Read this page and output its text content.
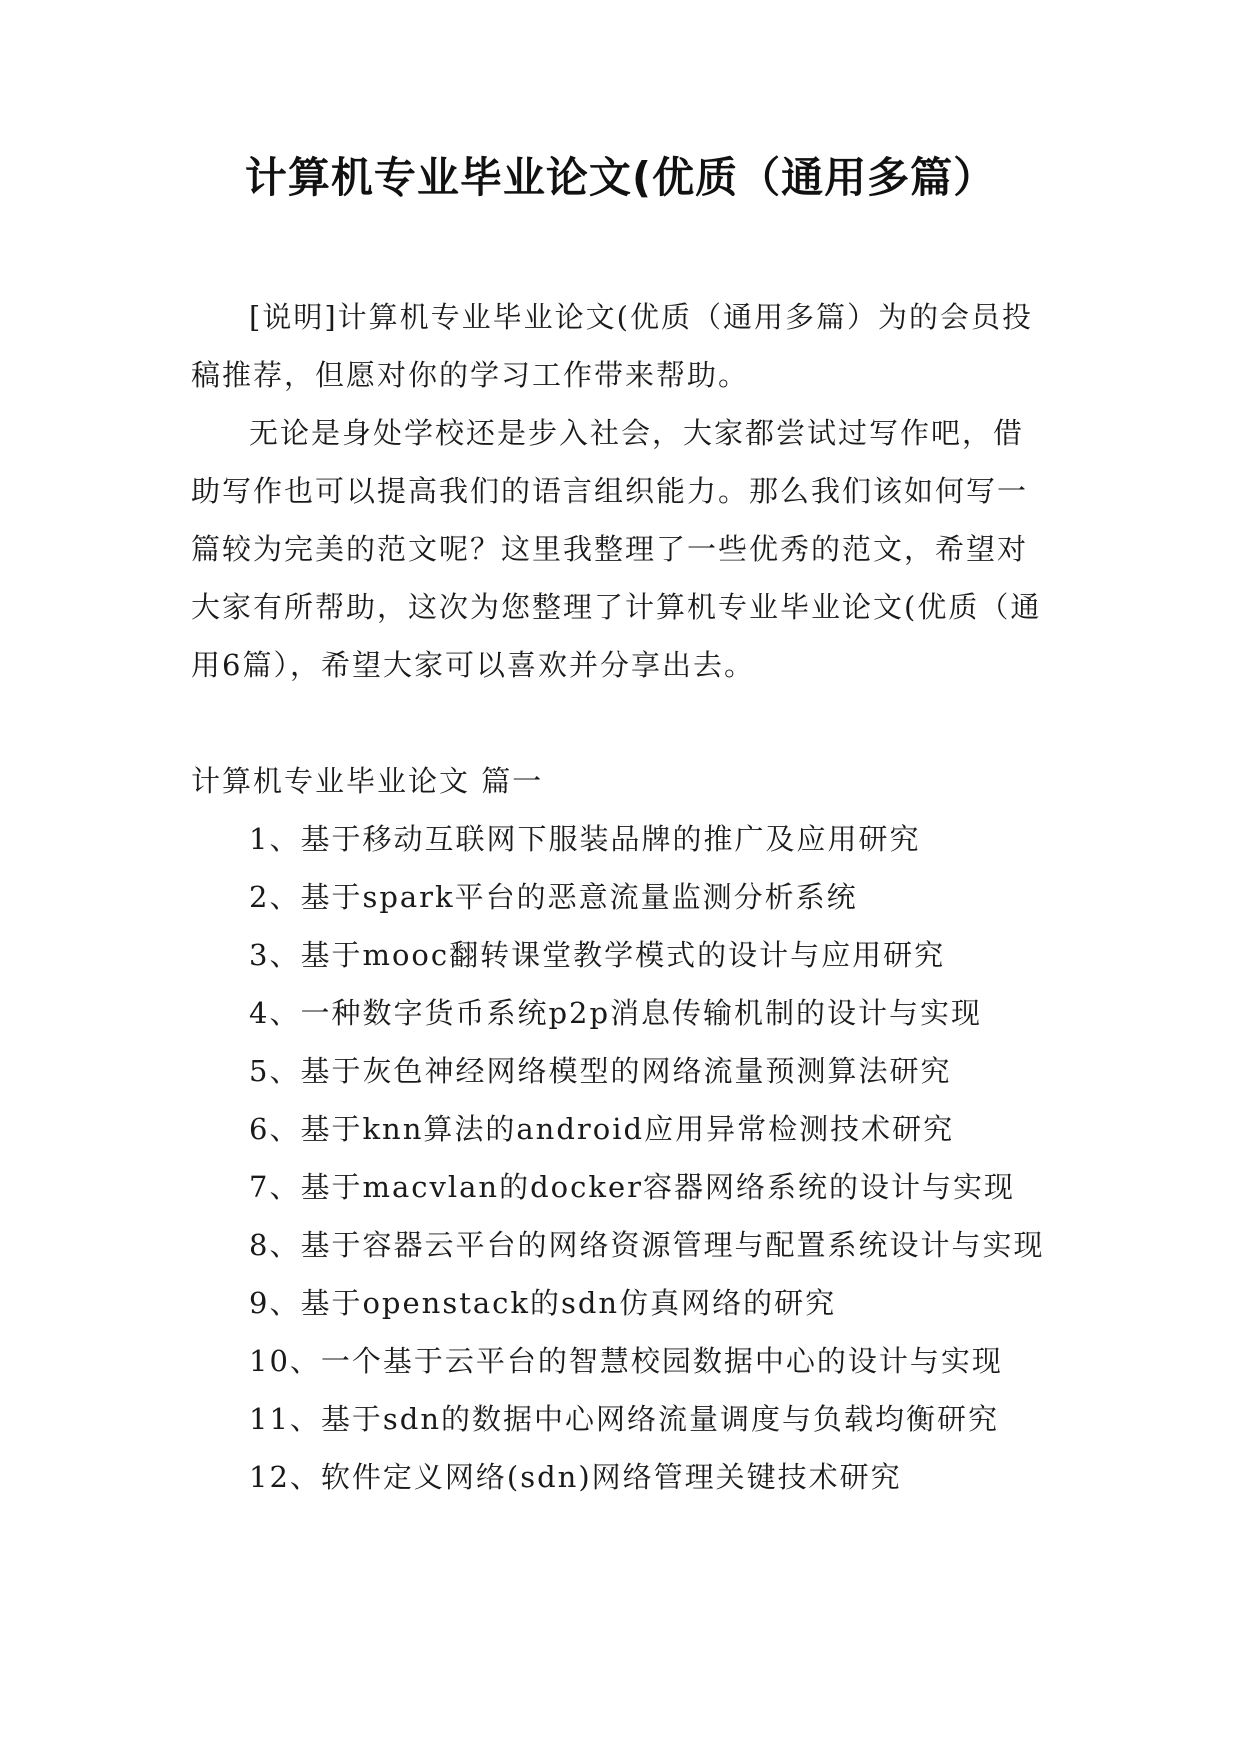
计算机专业毕业论文(优质（通用多篇）

[说明]计算机专业毕业论文(优质（通用多篇）为的会员投稿推荐，但愿对你的学习工作带来帮助。

无论是身处学校还是步入社会，大家都尝试过写作吧，借助写作也可以提高我们的语言组织能力。那么我们该如何写一篇较为完美的范文呢？这里我整理了一些优秀的范文，希望对大家有所帮助，这次为您整理了计算机专业毕业论文(优质（通用6篇），希望大家可以喜欢并分享出去。

计算机专业毕业论文 篇一

1、基于移动互联网下服装品牌的推广及应用研究

2、基于spark平台的恶意流量监测分析系统

3、基于mooc翻转课堂教学模式的设计与应用研究

4、一种数字货币系统p2p消息传输机制的设计与实现

5、基于灰色神经网络模型的网络流量预测算法研究

6、基于knn算法的android应用异常检测技术研究

7、基于macvlan的docker容器网络系统的设计与实现

8、基于容器云平台的网络资源管理与配置系统设计与实现

9、基于openstack的sdn仿真网络的研究

10、一个基于云平台的智慧校园数据中心的设计与实现

11、基于sdn的数据中心网络流量调度与负载均衡研究

12、软件定义网络(sdn)网络管理关键技术研究
